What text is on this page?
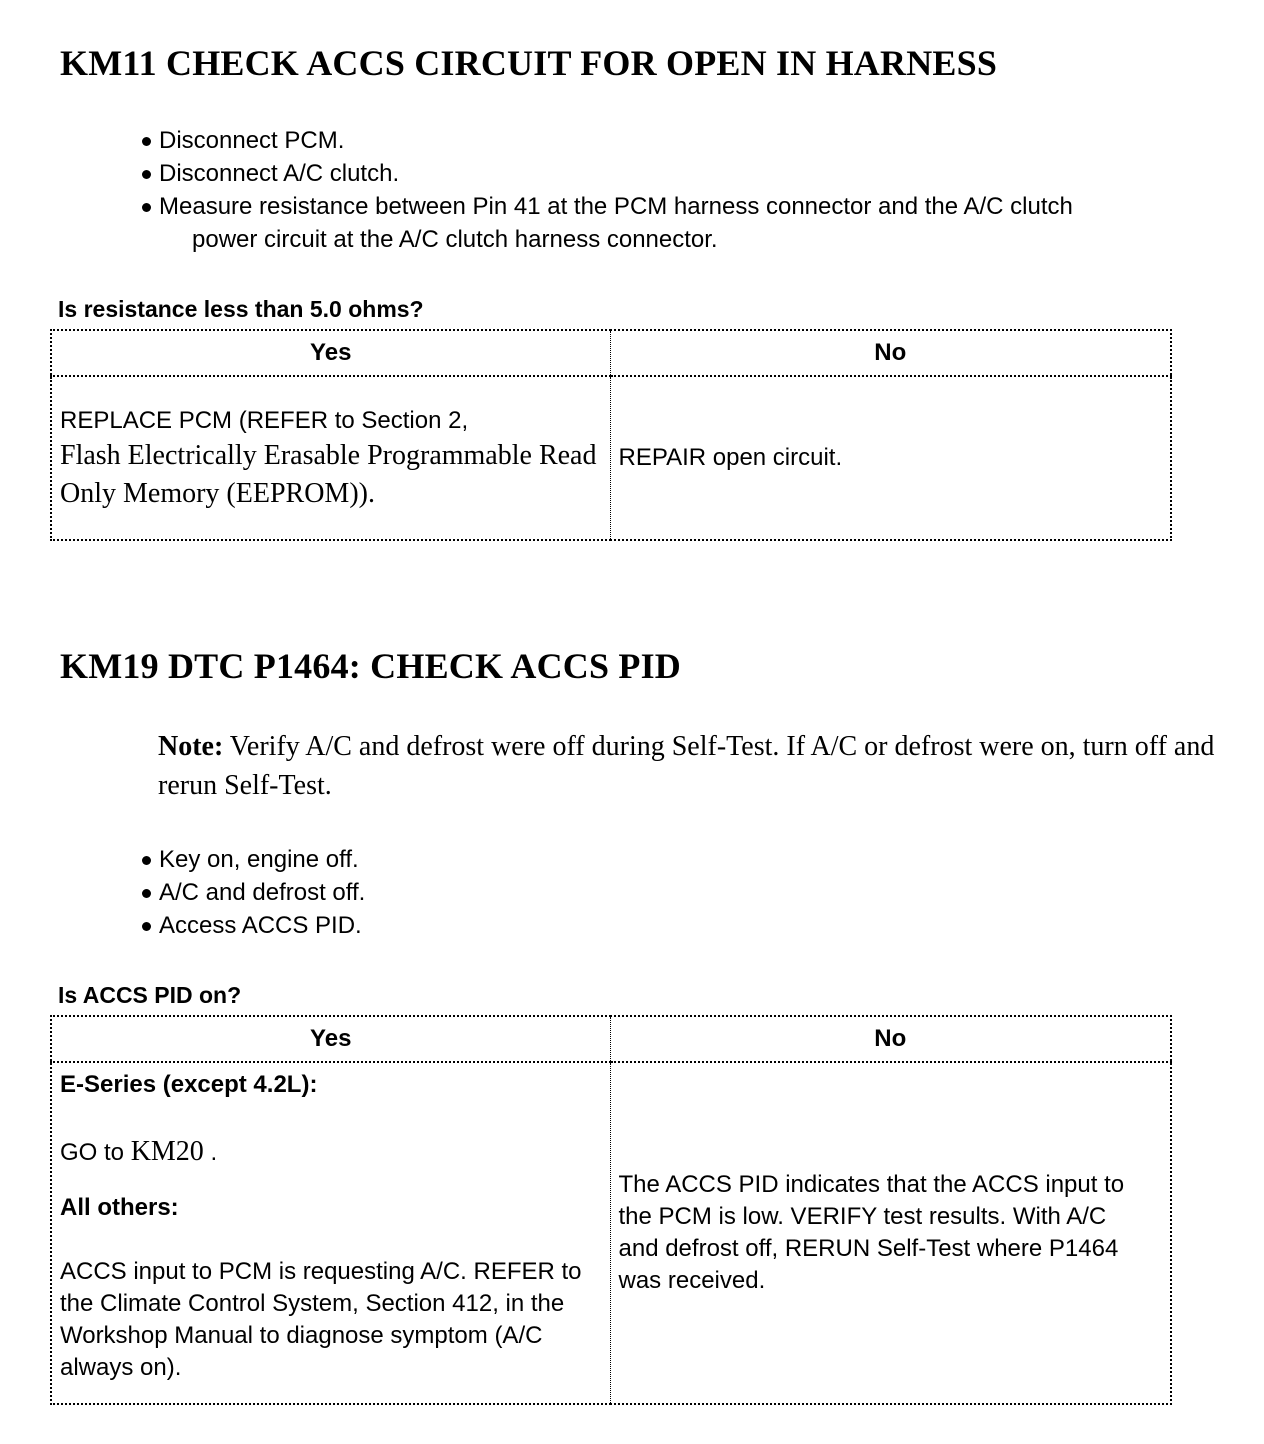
KM11 CHECK ACCS CIRCUIT FOR OPEN IN HARNESS
Disconnect PCM.
Disconnect A/C clutch.
Measure resistance between Pin 41 at the PCM harness connector and the A/C clutch
power circuit at the A/C clutch harness connector.

Is resistance less than 5.0 ohms?

Yes	No

REPLACE PCM (REFER to Section 2,
Flash Electrically Erasable Programmable Read Only Memory (EEPROM)).	REPAIR open circuit.
KM19 DTC P1464: CHECK ACCS PID

Note: Verify A/C and defrost were off during Self-Test. If A/C or defrost were on, turn off and rerun Self-Test.

Key on, engine off.
A/C and defrost off.
Access ACCS PID.

Is ACCS PID on?

Yes	No

E-Series (except 4.2L):
GO to KM20 .
All others:
ACCS input to PCM is requesting A/C. REFER to the Climate Control System, Section 412, in the Workshop Manual to diagnose symptom (A/C always on).	The ACCS PID indicates that the ACCS input to the PCM is low. VERIFY test results. With A/C and defrost off, RERUN Self-Test where P1464 was received.
